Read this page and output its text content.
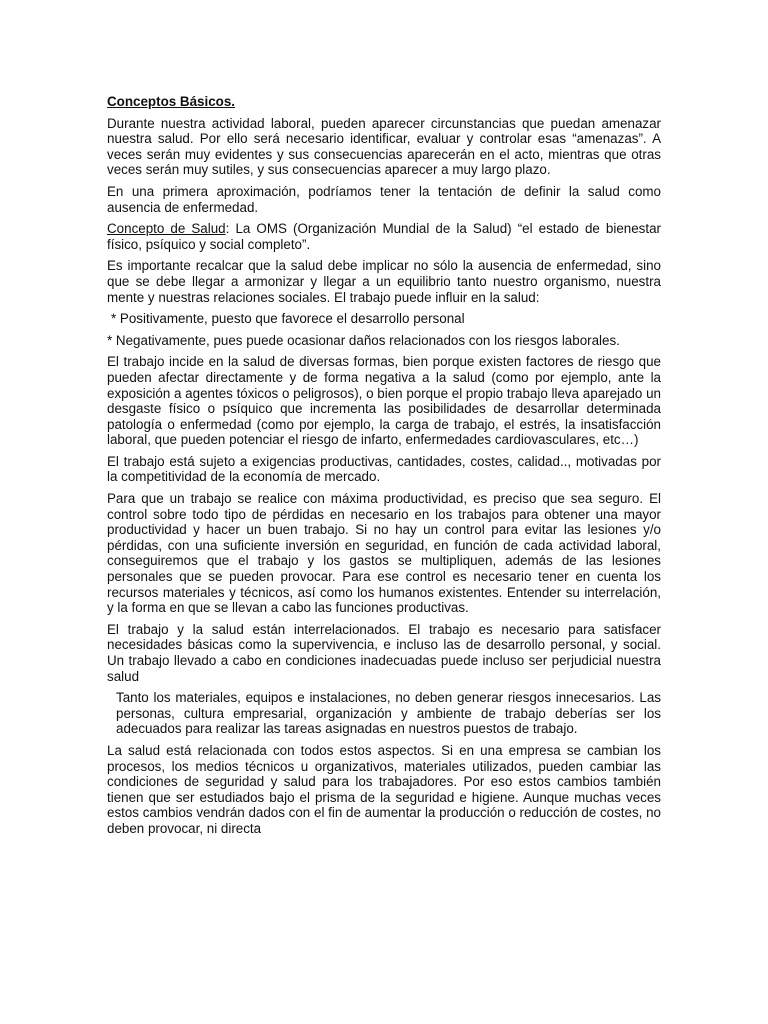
Conceptos Básicos.

Durante nuestra actividad laboral, pueden aparecer circunstancias que puedan amenazar nuestra salud. Por ello será necesario identificar, evaluar y controlar esas “amenazas”. A veces serán muy evidentes y sus consecuencias aparecerán en el acto, mientras que otras veces serán muy sutiles, y sus consecuencias aparecer a muy largo plazo.

En una primera aproximación, podríamos tener la tentación de definir la salud como ausencia de enfermedad.

Concepto de Salud: La OMS (Organización Mundial de la Salud) “el estado de bienestar físico, psíquico y social completo”.

Es importante recalcar que la salud debe implicar no sólo la ausencia de enfermedad, sino que se debe llegar a armonizar y llegar a un equilibrio tanto nuestro organismo, nuestra mente y nuestras relaciones sociales. El trabajo puede influir en la salud:

* Positivamente, puesto que favorece el desarrollo personal

* Negativamente, pues puede ocasionar daños relacionados con los riesgos laborales.

El trabajo incide en la salud de diversas formas, bien porque existen factores de riesgo que pueden afectar directamente y de forma negativa a la salud (como por ejemplo, ante la exposición a agentes tóxicos o peligrosos), o bien porque el propio trabajo lleva aparejado un desgaste físico o psíquico que incrementa las posibilidades de desarrollar determinada patología o enfermedad (como por ejemplo, la carga de trabajo, el estrés, la insatisfacción laboral, que pueden potenciar el riesgo de infarto, enfermedades cardiovasculares, etc…)

El trabajo está sujeto a exigencias productivas, cantidades, costes, calidad.., motivadas por la competitividad de la economía de mercado.

Para que un trabajo se realice con máxima productividad, es preciso que sea seguro. El control sobre todo tipo de pérdidas en necesario en los trabajos para obtener una mayor productividad y hacer un buen trabajo. Si no hay un control para evitar las lesiones y/o pérdidas, con una suficiente inversión en seguridad, en función de cada actividad laboral, conseguiremos que el trabajo y los gastos se multipliquen, además de las lesiones personales que se pueden provocar. Para ese control es necesario tener en cuenta los recursos materiales y técnicos, así como los humanos existentes. Entender su interrelación, y la forma en que se llevan a cabo las funciones productivas.

El trabajo y la salud están interrelacionados. El trabajo es necesario para satisfacer necesidades básicas como la supervivencia, e incluso las de desarrollo personal, y social. Un trabajo llevado a cabo en condiciones inadecuadas puede incluso ser perjudicial nuestra salud

Tanto los materiales, equipos e instalaciones, no deben generar riesgos innecesarios. Las personas, cultura empresarial, organización y ambiente de trabajo deberías ser los adecuados para realizar las tareas asignadas en nuestros puestos de trabajo.

La salud está relacionada con todos estos aspectos. Si en una empresa se cambian los procesos, los medios técnicos u organizativos, materiales utilizados, pueden cambiar las condiciones de seguridad y salud para los trabajadores. Por eso estos cambios también tienen que ser estudiados bajo el prisma de la seguridad e higiene. Aunque muchas veces estos cambios vendrán dados con el fin de aumentar la producción o reducción de costes, no deben provocar, ni directa
